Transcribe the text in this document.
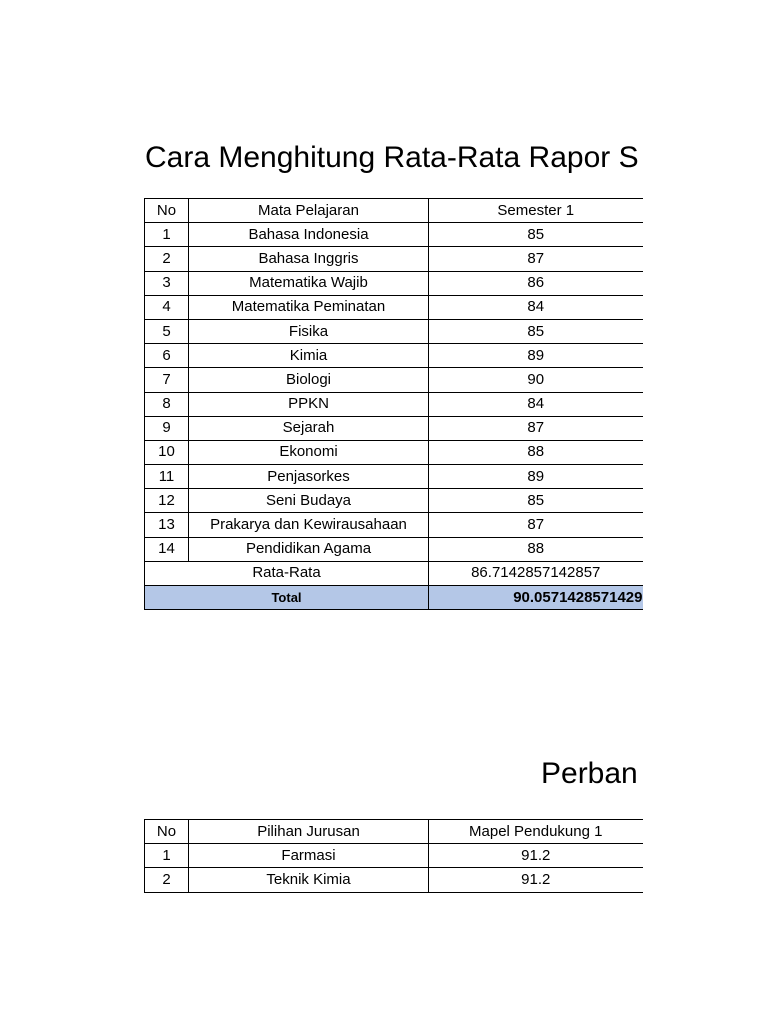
Cara Menghitung Rata-Rata Rapor S
No	Mata Pelajaran	Semester 1
1	Bahasa Indonesia	85
2	Bahasa Inggris	87
3	Matematika Wajib	86
4	Matematika Peminatan	84
5	Fisika	85
6	Kimia	89
7	Biologi	90
8	PPKN	84
9	Sejarah	87
10	Ekonomi	88
11	Penjasorkes	89
12	Seni Budaya	85
13	Prakarya dan Kewirausahaan	87
14	Pendidikan Agama	88
Rata-Rata		86.7142857142857
Total		90.0571428571429
Perban
No	Pilihan Jurusan	Mapel Pendukung 1
1	Farmasi	91.2
2	Teknik Kimia	91.2
